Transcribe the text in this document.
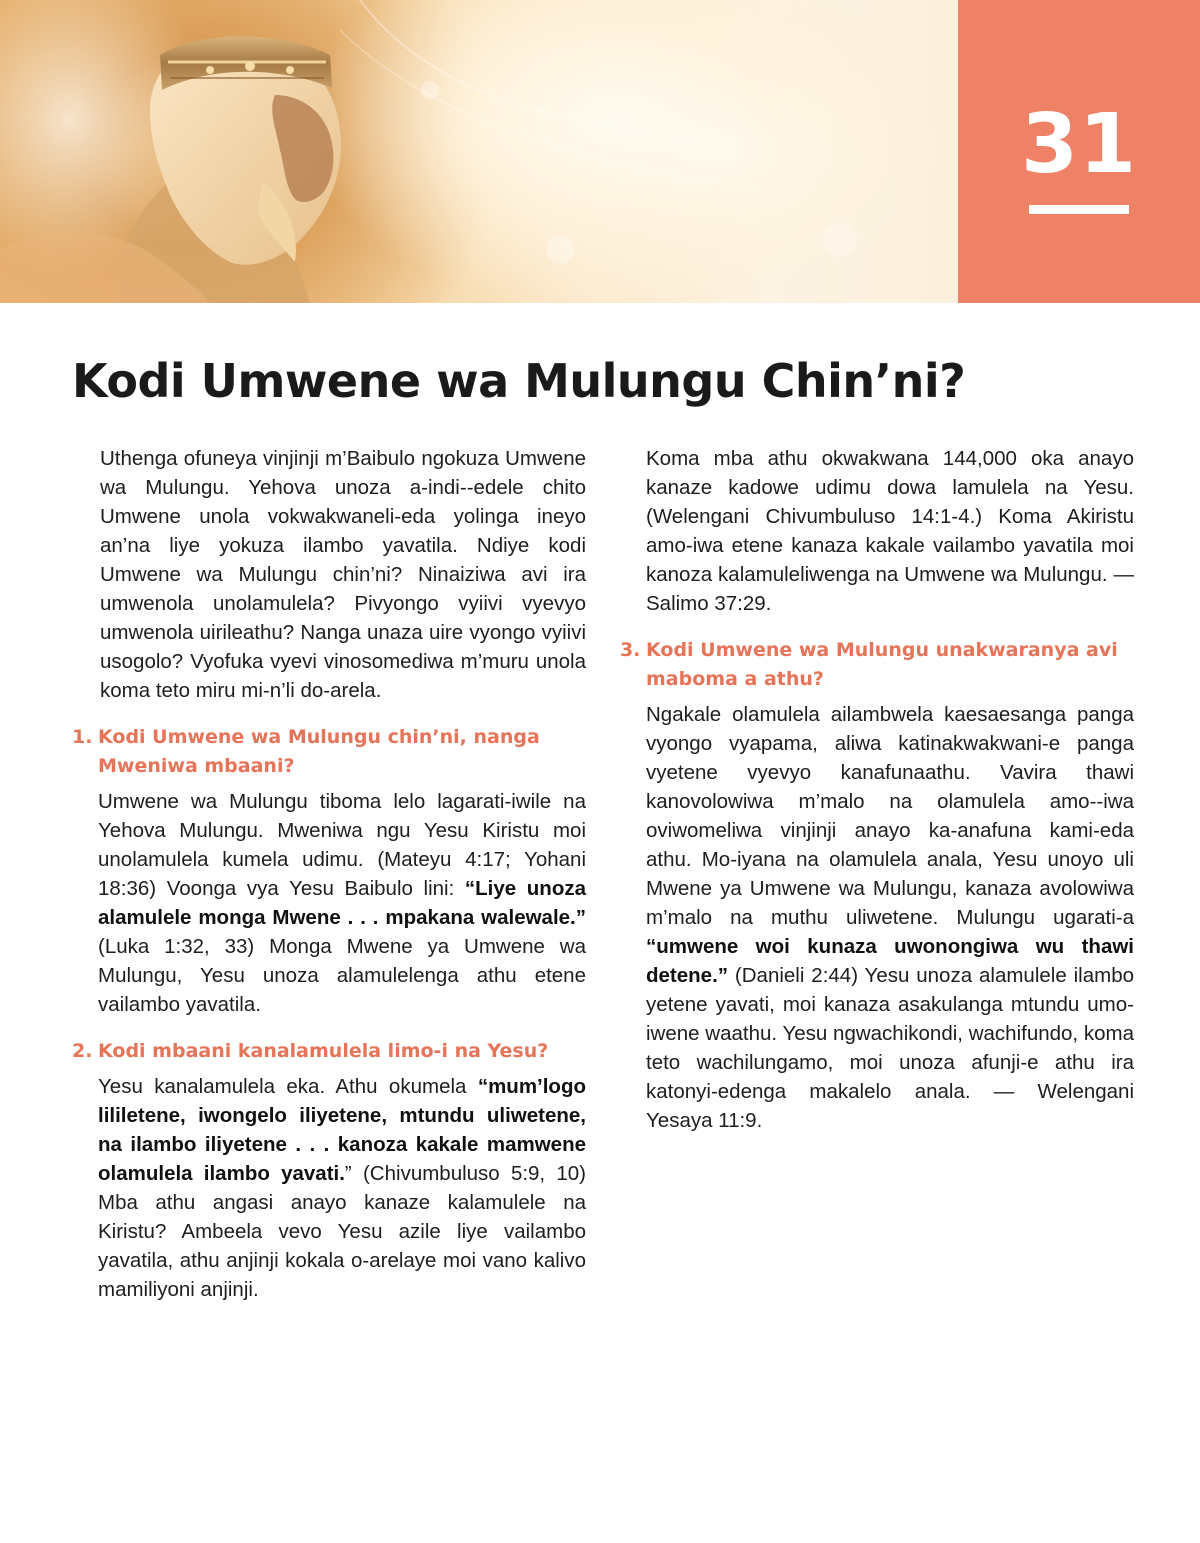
31
Kodi Umwene wa Mulungu Chin’ni?

Uthenga ofuneya vinjinji m’Baibulo ngokuza Umwene wa Mulungu. Yehova unoza a-indi--edele chito Umwene unola vokwakwaneli-eda yolinga ineyo an’na liye yokuza ilambo yavatila. Ndiye kodi Umwene wa Mulungu chin’ni? Ninaiziwa avi ira umwenola unolamulela? Pivyongo vyiivi vyevyo umwenola uirileathu? Nanga unaza uire vyongo vyiivi usogolo? Vyofuka vyevi vinosomediwa m’muru unola koma teto miru mi-n’li do-arela.

1. Kodi Umwene wa Mulungu chin’ni, nanga Mweniwa mbaani?

Umwene wa Mulungu tiboma lelo lagarati-iwile na Yehova Mulungu. Mweniwa ngu Yesu Kiristu moi unolamulela kumela udimu. (Mateyu 4:17; Yohani 18:36) Voonga vya Yesu Baibulo lini: “Liye unoza alamulele monga Mwene . . . mpakana walewale.” (Luka 1:32, 33) Monga Mwene ya Umwene wa Mulungu, Yesu unoza alamulelenga athu etene vailambo yavatila.

2. Kodi mbaani kanalamulela limo-i na Yesu?

Yesu kanalamulela eka. Athu okumela “mum’logo lililetene, iwongelo iliyetene, mtundu uliwetene, na ilambo iliyetene . . . kanoza kakale mamwene olamulela ilambo yavati.” (Chivumbuluso 5:9, 10) Mba athu angasi anayo kanaze kalamulele na Kiristu? Ambeela vevo Yesu azile liye vailambo yavatila, athu anjinji kokala o-arelaye moi vano kalivo mamiliyoni anjinji.

Koma mba athu okwakwana 144,000 oka anayo kanaze kadowe udimu dowa lamulela na Yesu. (Welengani Chivumbuluso 14:1-4.) Koma Akiristu amo-iwa etene kanaza kakale vailambo yavatila moi kanoza kalamuleliwenga na Umwene wa Mulungu. — Salimo 37:29.

3. Kodi Umwene wa Mulungu unakwaranya avi maboma a athu?

Ngakale olamulela ailambwela kaesaesanga panga vyongo vyapama, aliwa katinakwakwani-e panga vyetene vyevyo kanafunaathu. Vavira thawi kanovolowiwa m’malo na olamulela amo--iwa oviwomeliwa vinjinji anayo ka-anafuna kami-eda athu. Mo-iyana na olamulela anala, Yesu unoyo uli Mwene ya Umwene wa Mulungu, kanaza avolowiwa m’malo na muthu uliwetene. Mulungu ugarati-a “umwene woi kunaza uwonongiwa wu thawi detene.” (Danieli 2:44) Yesu unoza alamulele ilambo yetene yavati, moi kanaza asakulanga mtundu umo-iwene waathu. Yesu ngwachikondi, wachifundo, koma teto wachilungamo, moi unoza afunji-e athu ira katonyi-edenga makalelo anala. — Welengani Yesaya 11:9.
